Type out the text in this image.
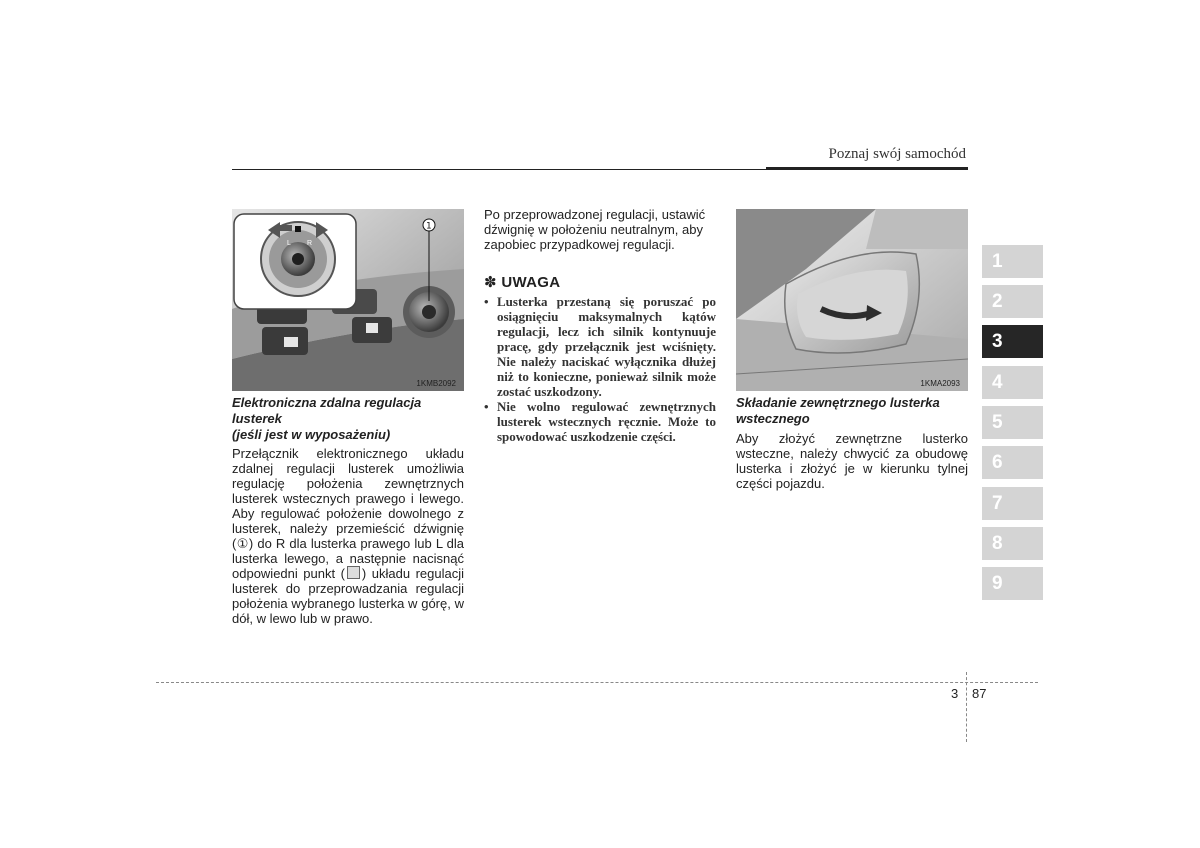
Poznaj swój samochód
L R
1
1KMB2092	1KMA2093
Elektroniczna zdalna regulacja
lusterek
(jeśli jest w wyposażeniu)
Przełącznik elektronicznego układu zdalnej regulacji lusterek umożliwia regulację położenia zewnętrznych lusterek wstecznych prawego i lewego. Aby regulować położenie dowolnego z lusterek, należy przemieścić dźwignię (①) do R dla lusterka prawego lub L dla lusterka lewego, a następnie nacisnąć odpowiedni punkt ( ) układu regulacji lusterek do przeprowadzania regulacji położenia wybranego lusterka w górę, w dół, w lewo lub w prawo.
Po przeprowadzonej regulacji, ustawić dźwignię w położeniu neutralnym, aby zapobiec przypadkowej regulacji.
✽ UWAGA
• Lusterka przestaną się poruszać po osiągnięciu maksymalnych kątów regulacji, lecz ich silnik kontynuuje pracę, gdy przełącznik jest wciśnięty. Nie należy naciskać wyłącznika dłużej niż to konieczne, ponieważ silnik może zostać uszkodzony.
• Nie wolno regulować zewnętrznych lusterek wstecznych ręcznie. Może to spowodować uszkodzenie części.
Składanie zewnętrznego lusterka
wstecznego
Aby złożyć zewnętrzne lusterko wsteczne, należy chwycić za obudowę lusterka i złożyć je w kierunku tylnej części pojazdu.
1
2
3
4
5
6
7
8
9
3 87
